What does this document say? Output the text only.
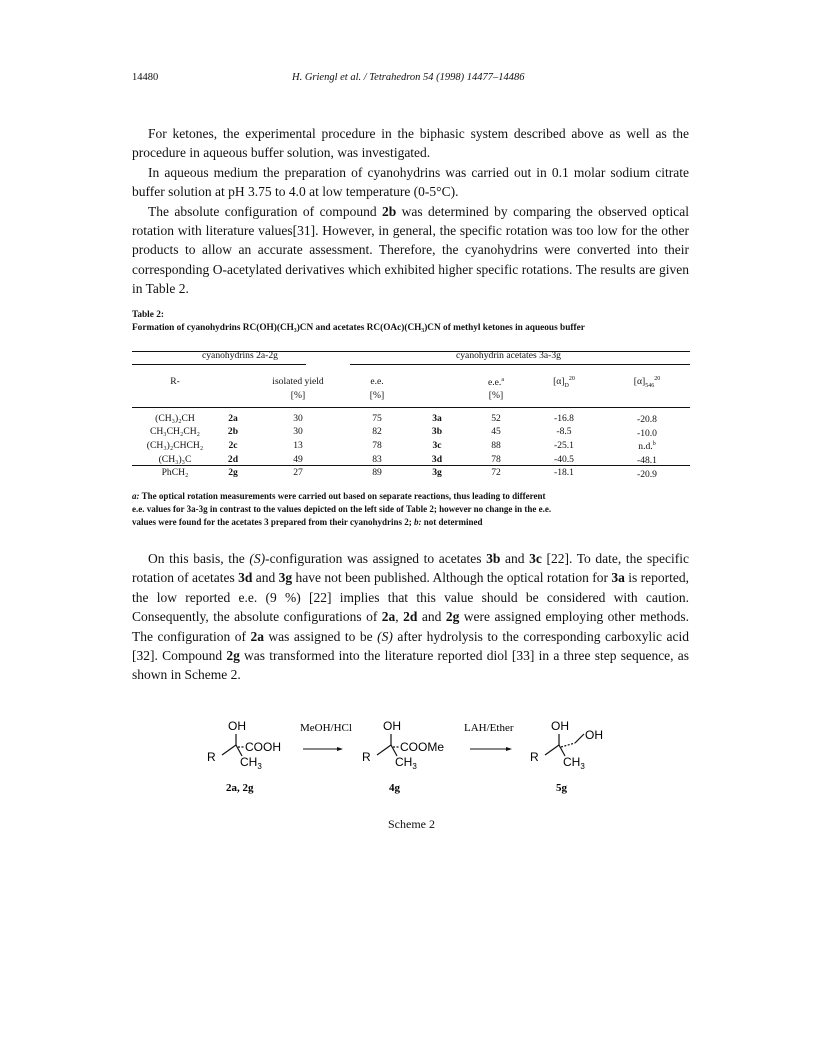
14480	H. Griengl et al. / Tetrahedron 54 (1998) 14477–14486

For ketones, the experimental procedure in the biphasic system described above as well as the procedure in aqueous buffer solution, was investigated.

In aqueous medium the preparation of cyanohydrins was carried out in 0.1 molar sodium citrate buffer solution at pH 3.75 to 4.0 at low temperature (0-5°C).

The absolute configuration of compound 2b was determined by comparing the observed optical rotation with literature values[31]. However, in general, the specific rotation was too low for the other products to allow an accurate assessment. Therefore, the cyanohydrins were converted into their corresponding O-acetylated derivatives which exhibited higher specific rotations. The results are given in Table 2.

Table 2:
Formation of cyanohydrins RC(OH)(CH₃)CN and acetates RC(OAc)(CH₃)CN of methyl ketones in aqueous buffer
cyanohydrins 2a-2g				cyanohydrin acetates 3a-3g			

R-		isolated yield	e.e.		e.e.$^a$	$[\alpha]_D^{20}$	$[\alpha]_{546}^{20}$
		[%]	[%]		[%]		

(CH₃)₂CH	2a	30	75	3a	52	-16.8	-20.8
CH₃CH₂CH₂	2b	30	82	3b	45	-8.5	-10.0
(CH₃)₂CHCH₂	2c	13	78	3c	88	-25.1	n.d.$^b$
(CH₃)₃C	2d	49	83	3d	78	-40.5	-48.1
PhCH₂	2g	27	89	3g	72	-18.1	-20.9
a: The optical rotation measurements were carried out based on separate reactions, thus leading to different
e.e. values for 3a-3g in contrast to the values depicted on the left side of Table 2; however no change in the e.e.
values were found for the acetates 3 prepared from their cyanohydrins 2; b: not determined

On this basis, the (S)-configuration was assigned to acetates 3b and 3c [22]. To date, the specific rotation of acetates 3d and 3g have not been published. Although the optical rotation for 3a is reported, the low reported e.e. (9 %) [22] implies that this value should be considered with caution. Consequently, the absolute configurations of 2a, 2d and 2g were assigned employing other methods. The configuration of 2a was assigned to be (S) after hydrolysis to the corresponding carboxylic acid [32]. Compound 2g was transformed into the literature reported diol [33] in a three step sequence, as shown in Scheme 2.

OH
COOH
R $CH_3$
2a, 2g
MeOH/HCl	OH
COOMe
R $CH_3$
4g
LAH/Ether	OH
OH
R $CH_3$
5g
Scheme 2
